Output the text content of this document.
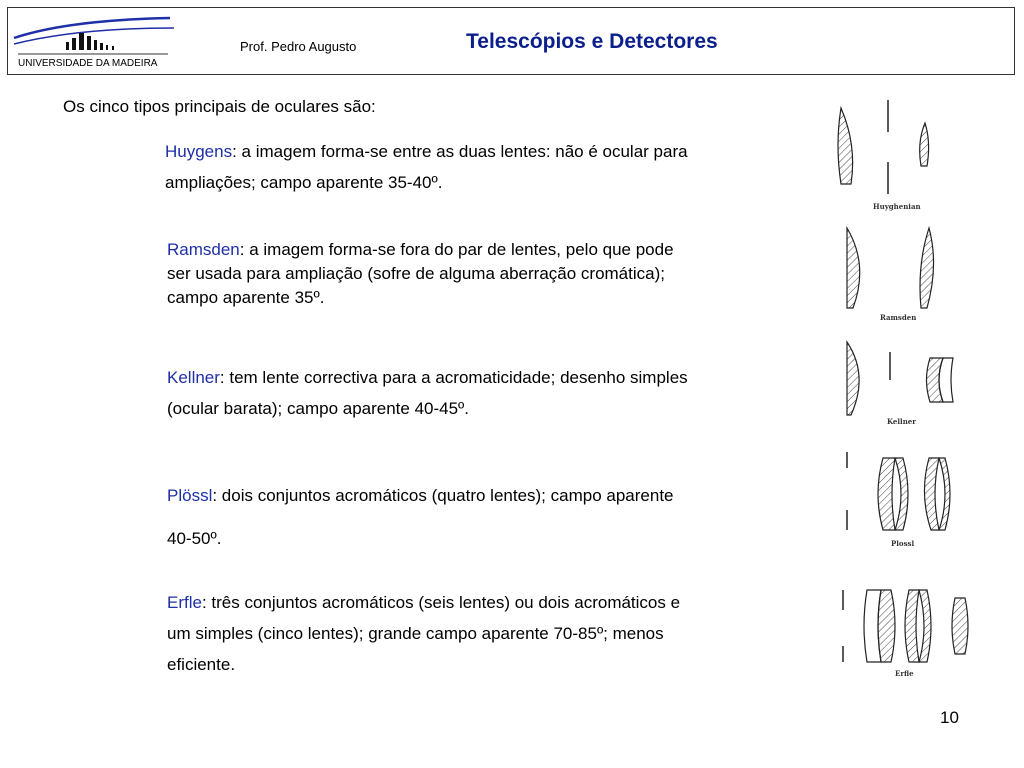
UNIVERSIDADE DA MADEIRA
Prof. Pedro Augusto	Telescópios e Detectores
Os cinco tipos principais de oculares são:
Huygens: a imagem forma-se entre as duas lentes: não é ocular para
ampliações; campo aparente 35-40º.
Ramsden: a imagem forma-se fora do par de lentes, pelo que pode
ser usada para ampliação (sofre de alguma aberração cromática);
campo aparente 35º.
Kellner: tem lente correctiva para a acromaticidade; desenho simples
(ocular barata); campo aparente 40-45º.
Plössl: dois conjuntos acromáticos (quatro lentes); campo aparente
40-50º.
Erfle: três conjuntos acromáticos (seis lentes) ou dois acromáticos e
um simples (cinco lentes); grande campo aparente 70-85º; menos
eficiente.
Huyghenian
Ramsden
Kellner
Plossl
Erfle
10
